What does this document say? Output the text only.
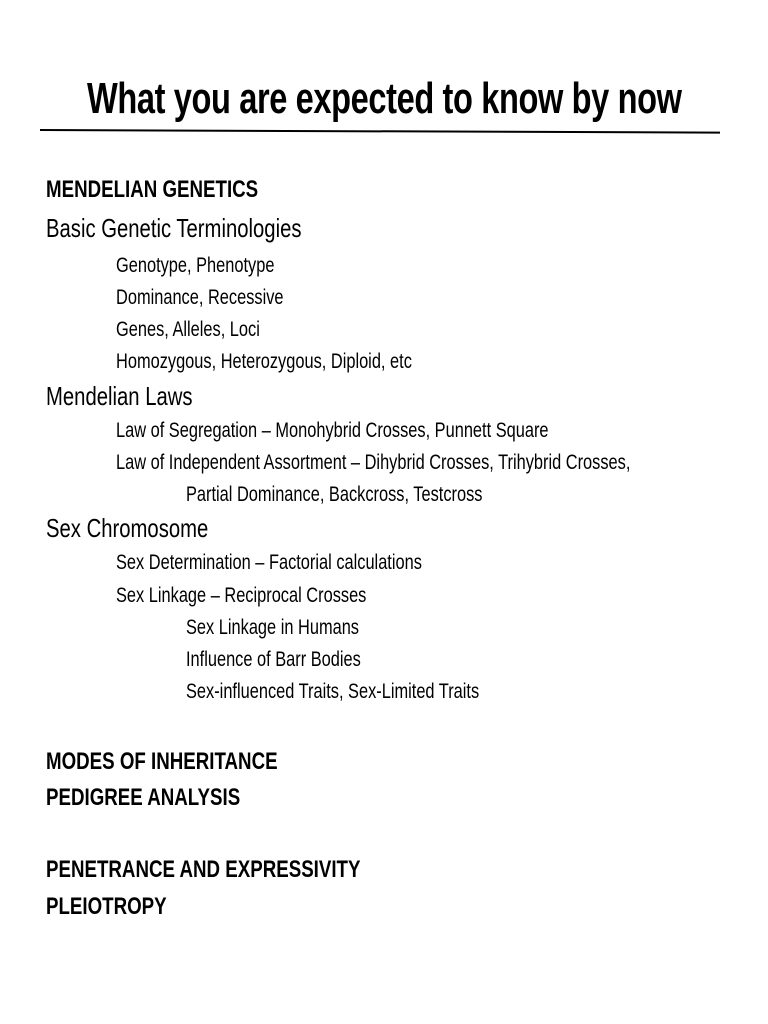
What you are expected to know by now
MENDELIAN GENETICS
Basic Genetic Terminologies
Genotype, Phenotype
Dominance, Recessive
Genes, Alleles, Loci
Homozygous, Heterozygous, Diploid, etc
Mendelian Laws
Law of Segregation – Monohybrid Crosses, Punnett Square
Law of Independent Assortment – Dihybrid Crosses, Trihybrid Crosses,
Partial Dominance, Backcross, Testcross
Sex Chromosome
Sex Determination – Factorial calculations
Sex Linkage – Reciprocal Crosses
Sex Linkage in Humans
Influence of Barr Bodies
Sex-influenced Traits, Sex-Limited Traits
MODES OF INHERITANCE
PEDIGREE ANALYSIS
PENETRANCE AND EXPRESSIVITY
PLEIOTROPY
